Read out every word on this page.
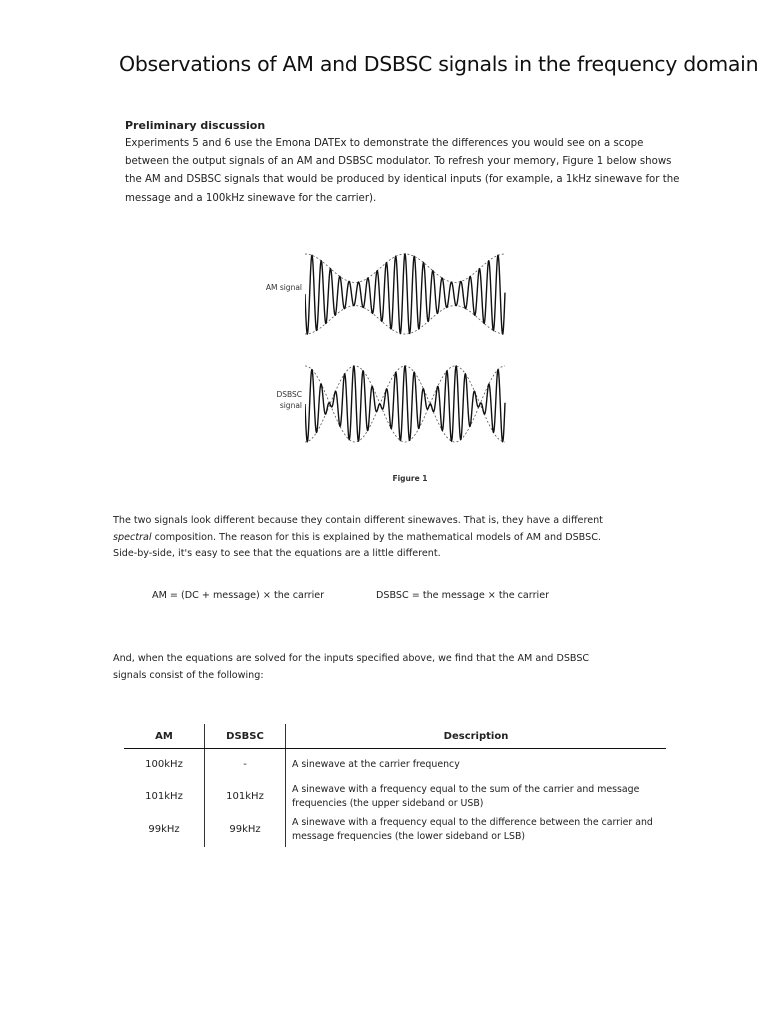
Observations of AM and DSBSC signals in the frequency domain
Preliminary discussion

Experiments 5 and 6 use the Emona DATEx to demonstrate the differences you would see on a scope between the output signals of an AM and DSBSC modulator. To refresh your memory, Figure 1 below shows the AM and DSBSC signals that would be produced by identical inputs (for example, a 1kHz sinewave for the message and a 100kHz sinewave for the carrier).

AM signal
DSBSC
signal
Figure 1

The two signals look different because they contain different sinewaves. That is, they have a different spectral composition. The reason for this is explained by the mathematical models of AM and DSBSC. Side-by-side, it's easy to see that the equations are a little different.

AM = (DC + message) × the carrier	DSBSC = the message × the carrier

And, when the equations are solved for the inputs specified above, we find that the AM and DSBSC signals consist of the following:

AM	DSBSC	Description
100kHz	-	A sinewave at the carrier frequency
101kHz	101kHz	A sinewave with a frequency equal to the sum of the carrier and message frequencies (the upper sideband or USB)
99kHz	99kHz	A sinewave with a frequency equal to the difference between the carrier and message frequencies (the lower sideband or LSB)
